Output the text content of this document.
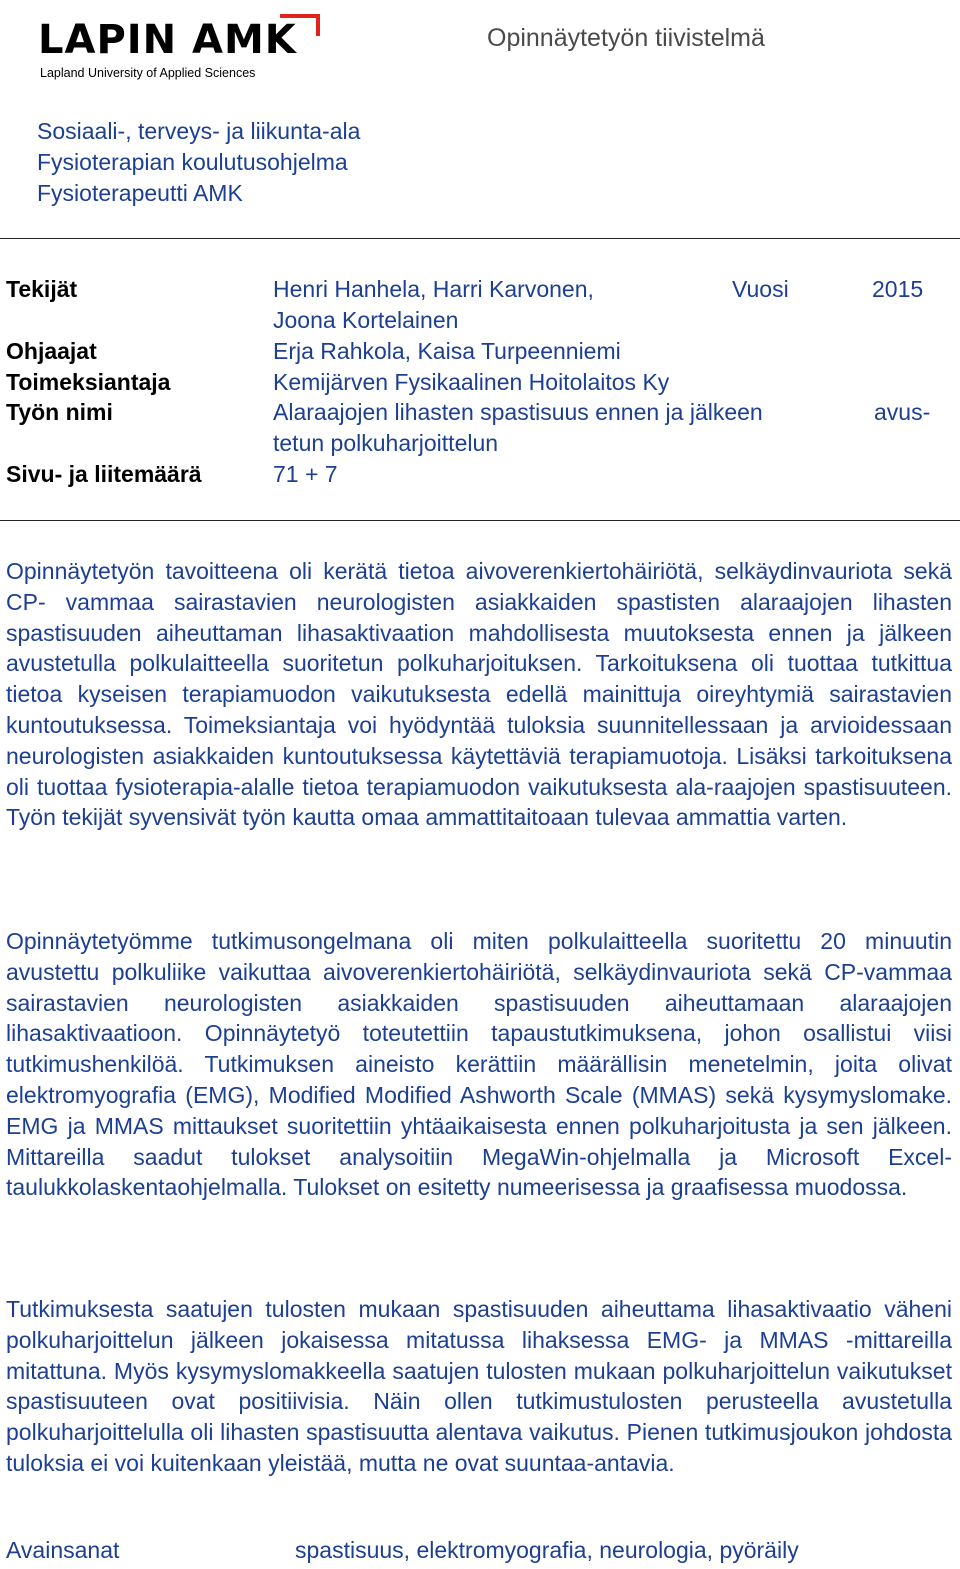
LAPIN AMK
Lapland University of Applied Sciences
Opinnäytetyön tiivistelmä
Sosiaali-, terveys- ja liikunta-ala
Fysioterapian koulutusohjelma
Fysioterapeutti AMK
Tekijät	Henri Hanhela, Harri Karvonen,
Joona Kortelainen
Vuosi	2015
Ohjaajat	Erja Rahkola, Kaisa Turpeenniemi
Toimeksiantaja	Kemijärven Fysikaalinen Hoitolaitos Ky
Työn nimi	Alaraajojen lihasten spastisuus ennen ja jälkeen	avus-
tetun polkuharjoittelun
Sivu- ja liitemäärä	71 + 7

Opinnäytetyön tavoitteena oli kerätä tietoa aivoverenkiertohäiriötä, selkäydinvauriota sekä CP- vammaa sairastavien neurologisten asiakkaiden spastisten alaraajojen lihasten spastisuuden aiheuttaman lihasaktivaation mahdollisesta muutoksesta ennen ja jälkeen avustetulla polkulaitteella suoritetun polkuharjoituksen. Tarkoituksena oli tuottaa tutkittua tietoa kyseisen terapiamuodon vaikutuksesta edellä mainittuja oireyhtymiä sairastavien kuntoutuksessa. Toimeksiantaja voi hyödyntää tuloksia suunnitellessaan ja arvioidessaan neurologisten asiakkaiden kuntoutuksessa käytettäviä terapiamuotoja. Lisäksi tarkoituksena oli tuottaa fysioterapia-alalle tietoa terapiamuodon vaikutuksesta ala-raajojen spastisuuteen. Työn tekijät syvensivät työn kautta omaa ammattitaitoaan tulevaa ammattia varten.

Opinnäytetyömme tutkimusongelmana oli miten polkulaitteella suoritettu 20 minuutin avustettu polkuliike vaikuttaa aivoverenkiertohäiriötä, selkäydinvauriota sekä CP-vammaa sairastavien neurologisten asiakkaiden spastisuuden aiheuttamaan alaraajojen lihasaktivaatioon. Opinnäytetyö toteutettiin tapaustutkimuksena, johon osallistui viisi tutkimushenkilöä. Tutkimuksen aineisto kerättiin määrällisin menetelmin, joita olivat elektromyografia (EMG), Modified Modified Ashworth Scale (MMAS) sekä kysymyslomake. EMG ja MMAS mittaukset suoritettiin yhtäaikaisesta ennen polkuharjoitusta ja sen jälkeen. Mittareilla saadut tulokset analysoitiin MegaWin-ohjelmalla ja Microsoft Excel-taulukkolaskentaohjelmalla. Tulokset on esitetty numeerisessa ja graafisessa muodossa.

Tutkimuksesta saatujen tulosten mukaan spastisuuden aiheuttama lihasaktivaatio väheni polkuharjoittelun jälkeen jokaisessa mitatussa lihaksessa EMG- ja MMAS -mittareilla mitattuna. Myös kysymyslomakkeella saatujen tulosten mukaan polkuharjoittelun vaikutukset spastisuuteen ovat positiivisia. Näin ollen tutkimustulosten perusteella avustetulla polkuharjoittelulla oli lihasten spastisuutta alentava vaikutus. Pienen tutkimusjoukon johdosta tuloksia ei voi kuitenkaan yleistää, mutta ne ovat suuntaa-antavia.

Avainsanat	spastisuus, elektromyografia, neurologia, pyöräily
